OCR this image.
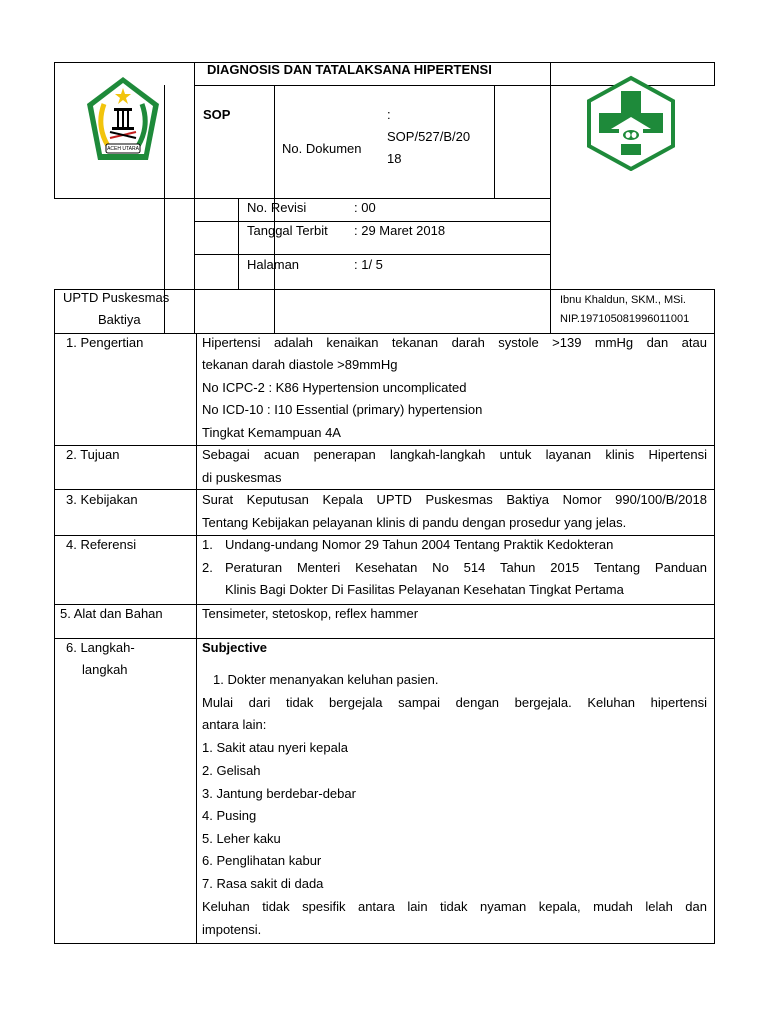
DIAGNOSIS DAN TATALAKSANA HIPERTENSI
ACEH UTARA
SOP
No. Dokumen
:
SOP/527/B/20
18
No. Revisi	: 00
Tanggal Terbit : 29 Maret 2018
Halaman	: 1/ 5
UPTD Puskesmas
Baktiya
Ibnu Khaldun, SKM., MSi.
NIP.197105081996011001
1. Pengertian	Hipertensi adalah kenaikan tekanan darah systole >139 mmHg dan atau
tekanan darah diastole >89mmHg
No ICPC-2 : K86 Hypertension uncomplicated
No ICD-10 : I10 Essential (primary) hypertension
Tingkat Kemampuan 4A
2. Tujuan	Sebagai acuan penerapan langkah-langkah untuk layanan klinis Hipertensi
di puskesmas
3. Kebijakan	Surat Keputusan Kepala UPTD Puskesmas Baktiya Nomor 990/100/B/2018
Tentang Kebijakan pelayanan klinis di pandu dengan prosedur yang jelas.
4. Referensi	1. Undang-undang Nomor 29 Tahun 2004 Tentang Praktik Kedokteran
2. Peraturan Menteri Kesehatan No 514 Tahun 2015 Tentang Panduan
Klinis Bagi Dokter Di Fasilitas Pelayanan Kesehatan Tingkat Pertama
5. Alat dan Bahan	Tensimeter, stetoskop, reflex hammer
6. Langkah-
langkah
Subjective
1. Dokter menanyakan keluhan pasien.
Mulai dari tidak bergejala sampai dengan bergejala. Keluhan hipertensi
antara lain:
1. Sakit atau nyeri kepala
2. Gelisah
3. Jantung berdebar-debar
4. Pusing
5. Leher kaku
6. Penglihatan kabur
7. Rasa sakit di dada
Keluhan tidak spesifik antara lain tidak nyaman kepala, mudah lelah dan
impotensi.
